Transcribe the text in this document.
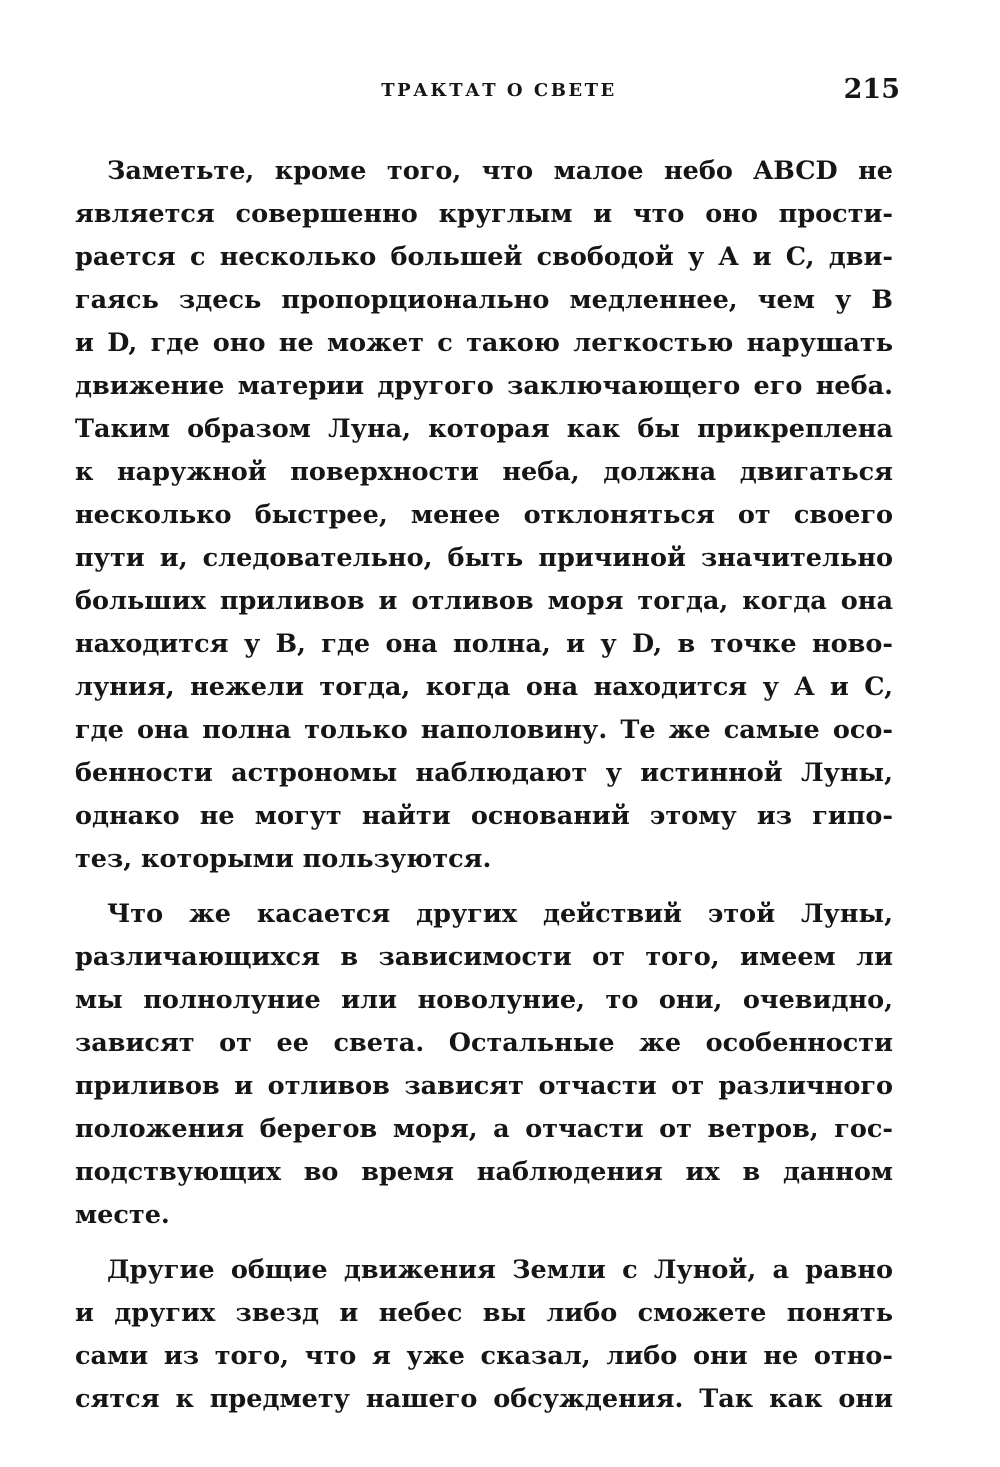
ТРАКТАТ О СВЕТЕ	215
Заметьте, кроме того, что малое небо ABCD не
является совершенно круглым и что оно прости-
рается с несколько большей свободой у A и C, дви-
гаясь здесь пропорционально медленнее, чем у B
и D, где оно не может с такою легкостью нарушать
движение материи другого заключающего его неба.
Таким образом Луна, которая как бы прикреплена
к наружной поверхности неба, должна двигаться
несколько быстрее, менее отклоняться от своего
пути и, следовательно, быть причиной значительно
больших приливов и отливов моря тогда, когда она
находится у B, где она полна, и у D, в точке ново-
луния, нежели тогда, когда она находится у A и C,
где она полна только наполовину. Те же самые осо-
бенности астрономы наблюдают у истинной Луны,
однако не могут найти оснований этому из гипо-
тез, которыми пользуются.
Что же касается других действий этой Луны,
различающихся в зависимости от того, имеем ли
мы полнолуние или новолуние, то они, очевидно,
зависят от ее света. Остальные же особенности
приливов и отливов зависят отчасти от различного
положения берегов моря, а отчасти от ветров, гос-
подствующих во время наблюдения их в данном
месте.
Другие общие движения Земли с Луной, а равно
и других звезд и небес вы либо сможете понять
сами из того, что я уже сказал, либо они не отно-
сятся к предмету нашего обсуждения. Так как они
